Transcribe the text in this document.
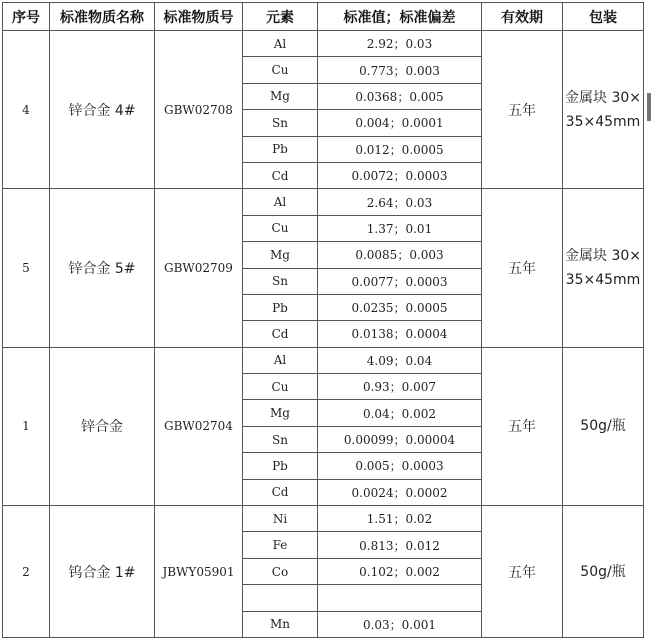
序号	标准物质名称	标准物质号	元素	标准值；标准偏差	有效期	包装
4	锌合金 4#	GBW02708	Al	2.92；0.03	五年	金属块 30×
35×45mm

			Cu	0.773；0.003		
			Mg	0.0368；0.005		
			Sn	0.004；0.0001		
			Pb	0.012；0.0005		
			Cd	0.0072；0.0003		
5	锌合金 5#	GBW02709	Al	2.64；0.03	五年	金属块 30×
35×45mm

			Cu	1.37；0.01		
			Mg	0.0085；0.003		
			Sn	0.0077；0.0003		
			Pb	0.0235；0.0005		
			Cd	0.0138；0.0004		
1	锌合金	GBW02704	Al	4.09；0.04	五年	50g/瓶

			Cu	0.93；0.007		
			Mg	0.04；0.002		
			Sn	0.00099；0.00004		
			Pb	0.005；0.0003		
			Cd	0.0024；0.0002		
2	钨合金 1#	JBWY05901	Ni	1.51；0.02	五年	50g/瓶

			Fe	0.813；0.012		
			Co	0.102；0.002		

			Mn	0.03；0.001		
